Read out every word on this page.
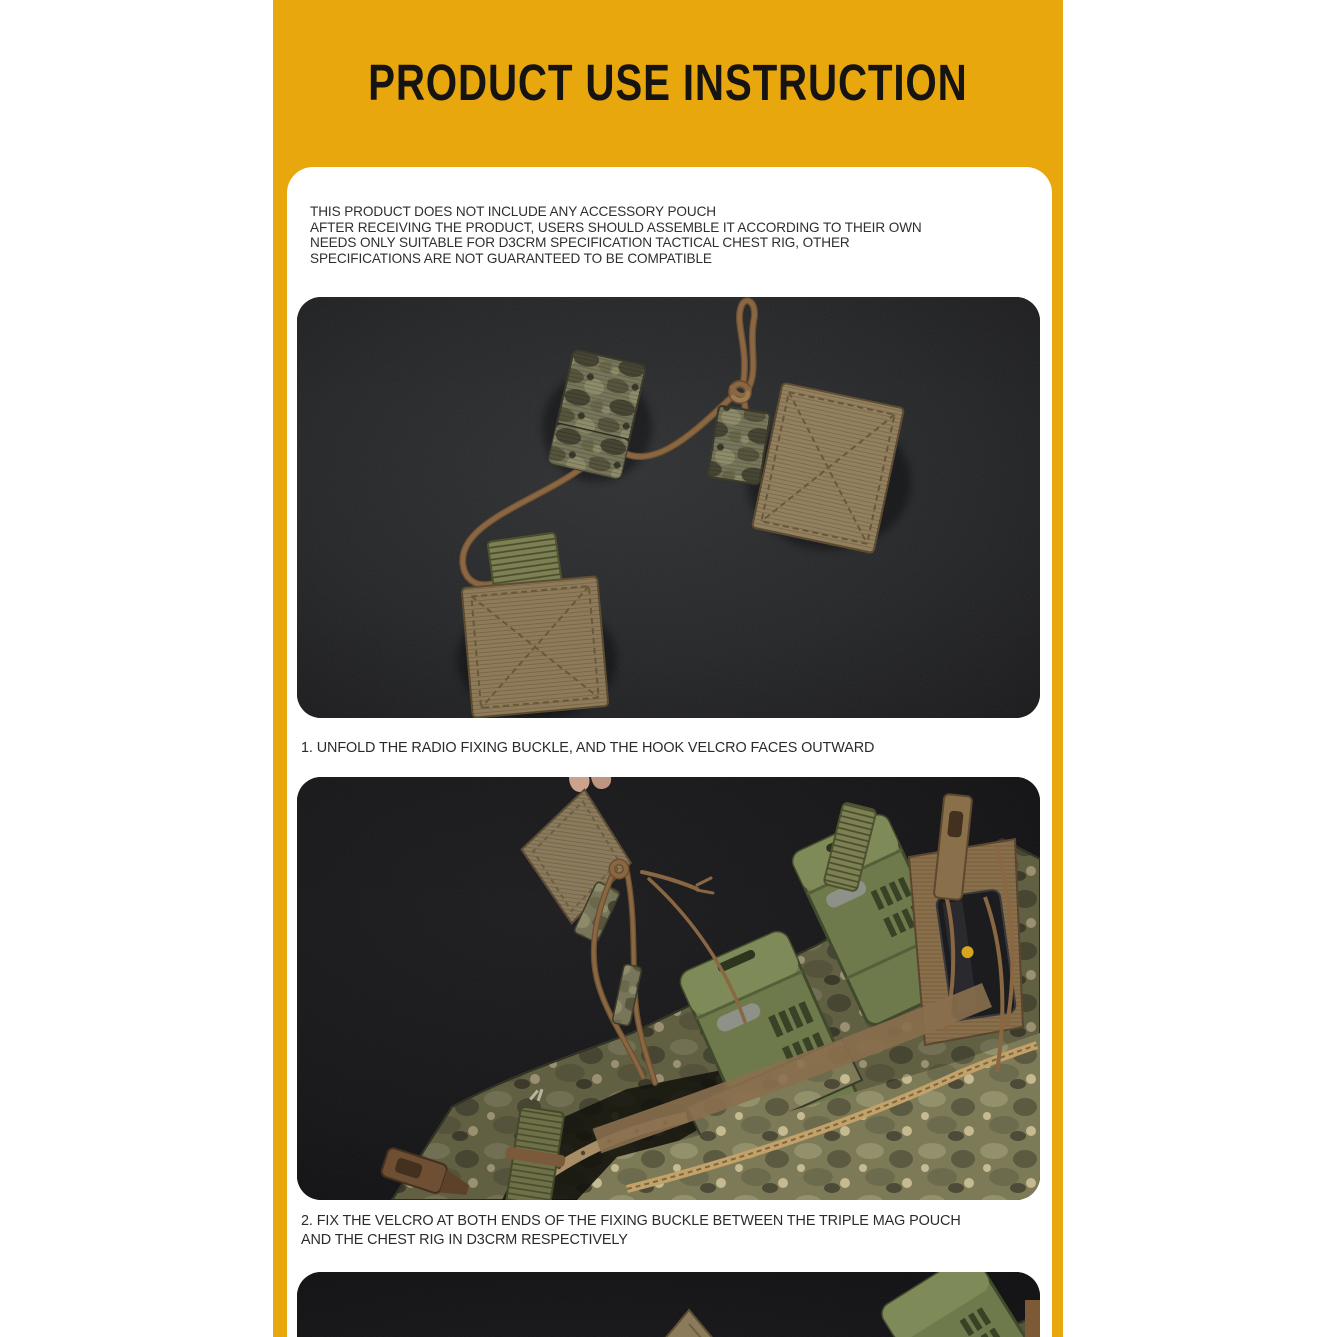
PRODUCT USE INSTRUCTION
THIS PRODUCT DOES NOT INCLUDE ANY ACCESSORY POUCH
AFTER RECEIVING THE PRODUCT, USERS SHOULD ASSEMBLE IT ACCORDING TO THEIR OWN
NEEDS ONLY SUITABLE FOR D3CRM SPECIFICATION TACTICAL CHEST RIG, OTHER
SPECIFICATIONS ARE NOT GUARANTEED TO BE COMPATIBLE
1. UNFOLD THE RADIO FIXING BUCKLE, AND THE HOOK VELCRO FACES OUTWARD
2. FIX THE VELCRO AT BOTH ENDS OF THE FIXING BUCKLE BETWEEN THE TRIPLE MAG POUCH
AND THE CHEST RIG IN D3CRM RESPECTIVELY
